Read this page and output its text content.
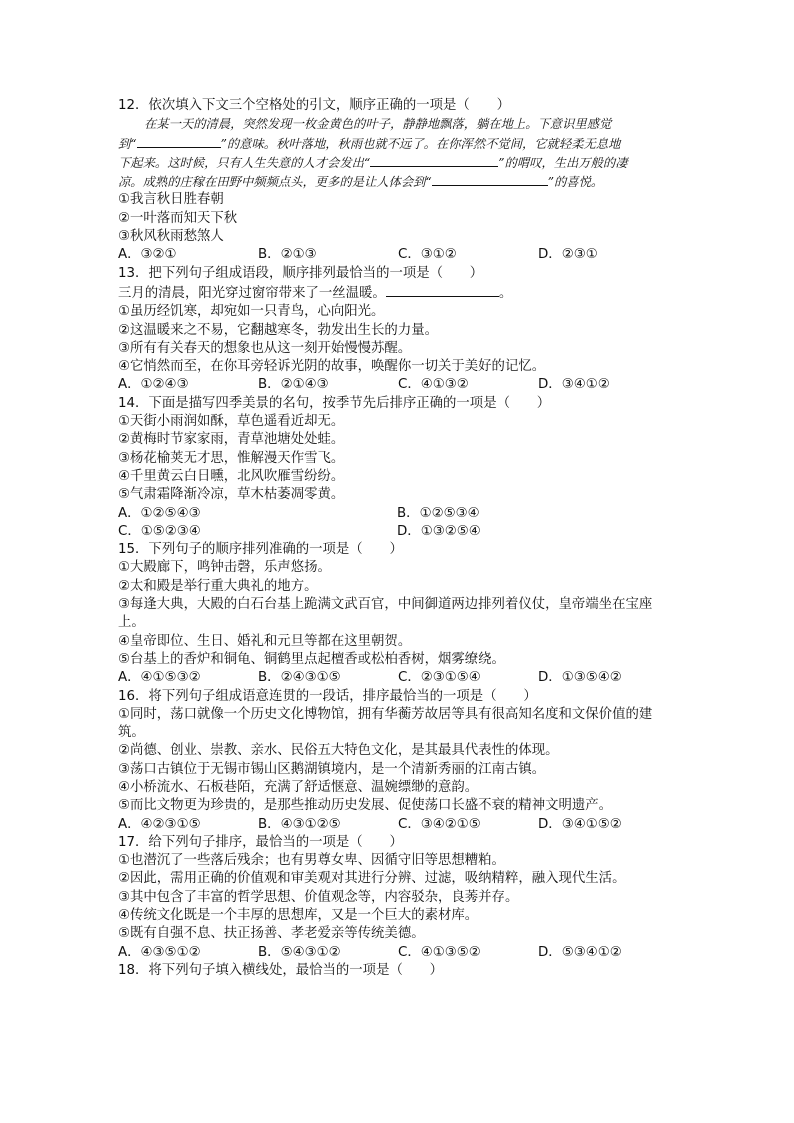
12．依次填入下文三个空格处的引文，顺序正确的一项是（　　）
在某一天的清晨，突然发现一枚金黄色的叶子，静静地飘落，躺在地上。下意识里感觉
到“	”的意味。秋叶落地，秋雨也就不远了。在你浑然不觉间，它就轻柔无息地
下起来。这时候，只有人生失意的人才会发出“	”的喟叹，生出万般的凄
凉。成熟的庄稼在田野中频频点头，更多的是让人体会到“	”的喜悦。
①我言秋日胜春朝
②一叶落而知天下秋
③秋风秋雨愁煞人
A．③②①	B．②①③	C．③①②	D．②③①
13．把下列句子组成语段，顺序排列最恰当的一项是（　　）
三月的清晨，阳光穿过窗帘带来了一丝温暖。	。
①虽历经饥寒，却宛如一只青鸟，心向阳光。
②这温暖来之不易，它翻越寒冬，勃发出生长的力量。
③所有有关春天的想象也从这一刻开始慢慢苏醒。
④它悄然而至，在你耳旁轻诉光阴的故事，唤醒你一切关于美好的记忆。
A．①②④③	B．②①④③	C．④①③②	D．③④①②
14．下面是描写四季美景的名句，按季节先后排序正确的一项是（　　）
①天街小雨润如酥，草色遥看近却无。
②黄梅时节家家雨，青草池塘处处蛙。
③杨花榆荚无才思，惟解漫天作雪飞。
④千里黄云白日曛，北风吹雁雪纷纷。
⑤气肃霜降渐冷凉，草木枯萎凋零黄。
A．①②⑤④③	B．①②⑤③④
C．①⑤②③④	D．①③②⑤④
15．下列句子的顺序排列准确的一项是（　　）
①大殿廊下，鸣钟击磬，乐声悠扬。
②太和殿是举行重大典礼的地方。
③每逢大典，大殿的白石台基上跪满文武百官，中间御道两边排列着仪仗，皇帝端坐在宝座上。
④皇帝即位、生日、婚礼和元旦等都在这里朝贺。
⑤台基上的香炉和铜龟、铜鹤里点起檀香或松柏香树，烟雾缭绕。
A．④①⑤③②	B．②④③①⑤	C．②③①⑤④	D．①③⑤④②
16．将下列句子组成语意连贯的一段话，排序最恰当的一项是（　　）
①同时，荡口就像一个历史文化博物馆，拥有华蘅芳故居等具有很高知名度和文保价值的建筑。
②尚德、创业、崇教、亲水、民俗五大特色文化，是其最具代表性的体现。
③荡口古镇位于无锡市锡山区鹅湖镇境内，是一个清新秀丽的江南古镇。
④小桥流水、石板巷陌，充满了舒适惬意、温婉缥缈的意韵。
⑤而比文物更为珍贵的，是那些推动历史发展、促使荡口长盛不衰的精神文明遗产。
A．④②③①⑤	B．④③①②⑤	C．③④②①⑤	D．③④①⑤②
17．给下列句子排序，最恰当的一项是（　　）
①也潜沉了一些落后残余；也有男尊女卑、因循守旧等思想糟粕。
②因此，需用正确的价值观和审美观对其进行分辨、过滤，吸纳精粹，融入现代生活。
③其中包含了丰富的哲学思想、价值观念等，内容驳杂，良莠并存。
④传统文化既是一个丰厚的思想库，又是一个巨大的素材库。
⑤既有自强不息、扶正扬善、孝老爱亲等传统美德。
A．④③⑤①②	B．⑤④③①②	C．④①③⑤②	D．⑤③④①②
18．将下列句子填入横线处，最恰当的一项是（　　）
